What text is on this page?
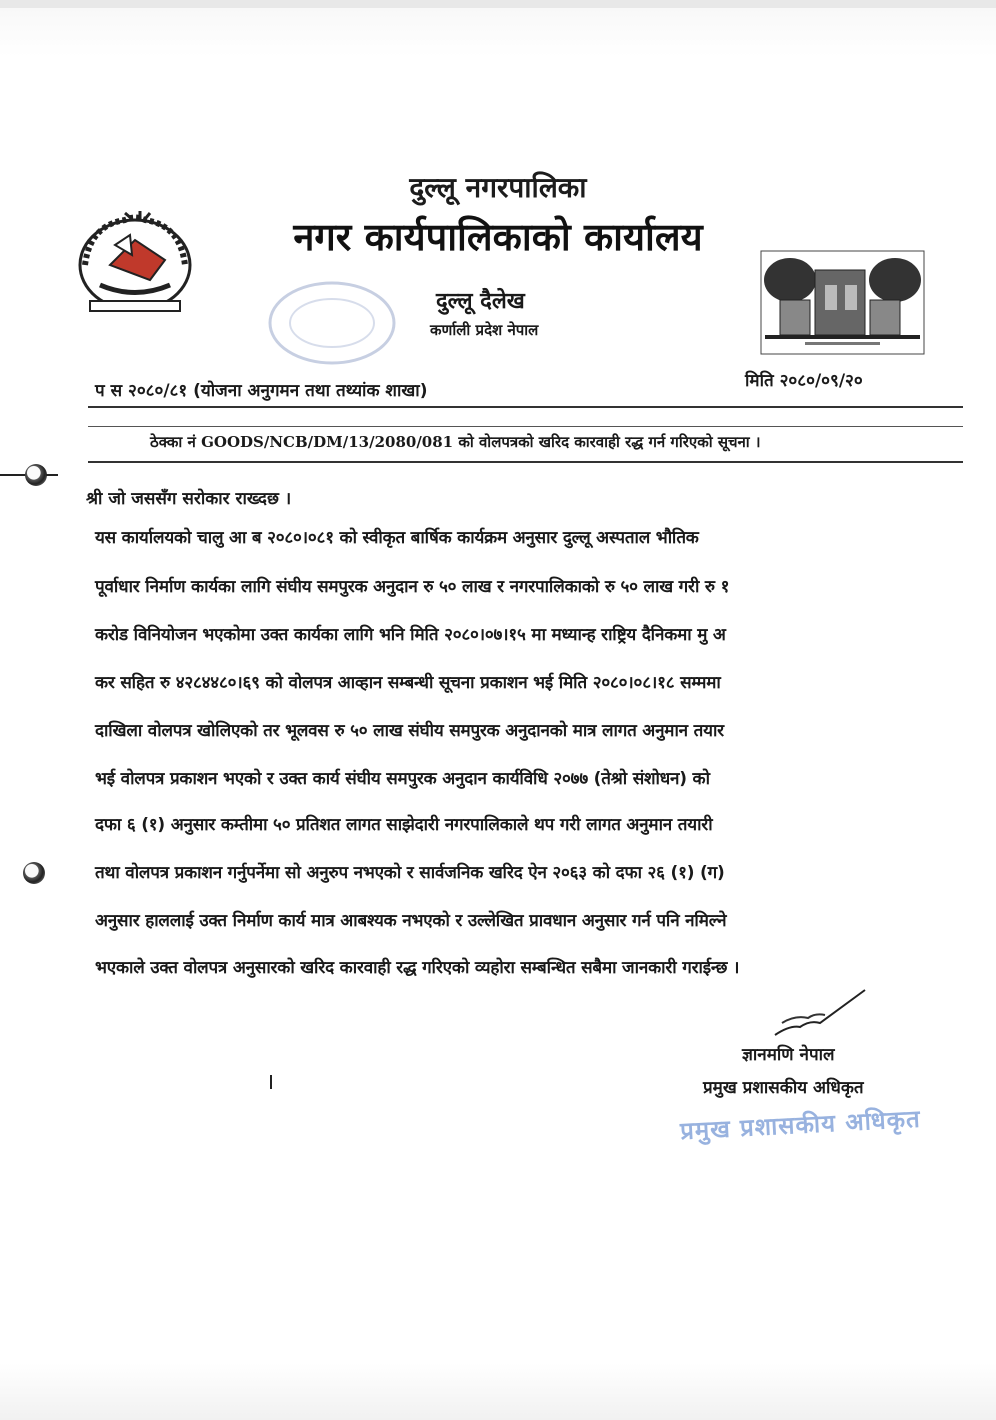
दुल्लू नगरपालिका
नगर कार्यपालिकाको कार्यालय
दुल्लू दैलेख
कर्णाली प्रदेश नेपाल
प स २०८०/८१ (योजना अनुगमन तथा तथ्यांक शाखा)	मिति २०८०/०९/२०
ठेक्का नं GOODS/NCB/DM/13/2080/081 को वोलपत्रको खरिद कारवाही रद्ध गर्न गरिएको सूचना ।
श्री जो जससँग सरोकार राख्दछ ।
यस कार्यालयको चालु आ ब २०८०।०८१ को स्वीकृत बार्षिक कार्यक्रम अनुसार दुल्लू अस्पताल भौतिक
पूर्वाधार निर्माण कार्यका लागि संघीय समपुरक अनुदान रु ५० लाख र नगरपालिकाको रु ५० लाख गरी रु १
करोड विनियोजन भएकोमा उक्त कार्यका लागि भनि मिति २०८०।०७।१५ मा मध्यान्ह राष्ट्रिय दैनिकमा मु अ
कर सहित रु ४२८४४८०।६९ को वोलपत्र आव्हान सम्बन्धी सूचना प्रकाशन भई मिति २०८०।०८।१८ सम्ममा
दाखिला वोलपत्र खोलिएको तर भूलवस रु ५० लाख संघीय समपुरक अनुदानको मात्र लागत अनुमान तयार
भई वोलपत्र प्रकाशन भएको र उक्त कार्य संघीय समपुरक अनुदान कार्यविधि २०७७ (तेश्रो संशोधन) को
दफा ६ (१) अनुसार कम्तीमा ५० प्रतिशत लागत साझेदारी नगरपालिकाले थप गरी लागत अनुमान तयारी
तथा वोलपत्र प्रकाशन गर्नुपर्नेमा सो अनुरुप नभएको र सार्वजनिक खरिद ऐन २०६३ को दफा २६ (१) (ग)
अनुसार हाललाई उक्त निर्माण कार्य मात्र आबश्यक नभएको र उल्लेखित प्रावधान अनुसार गर्न पनि नमिल्ने
भएकाले उक्त वोलपत्र अनुसारको खरिद कारवाही रद्ध गरिएको व्यहोरा सम्बन्धित सबैमा जानकारी गराईन्छ ।
ज्ञानमणि नेपाल
प्रमुख प्रशासकीय अधिकृत
प्रमुख प्रशासकीय अधिकृत
